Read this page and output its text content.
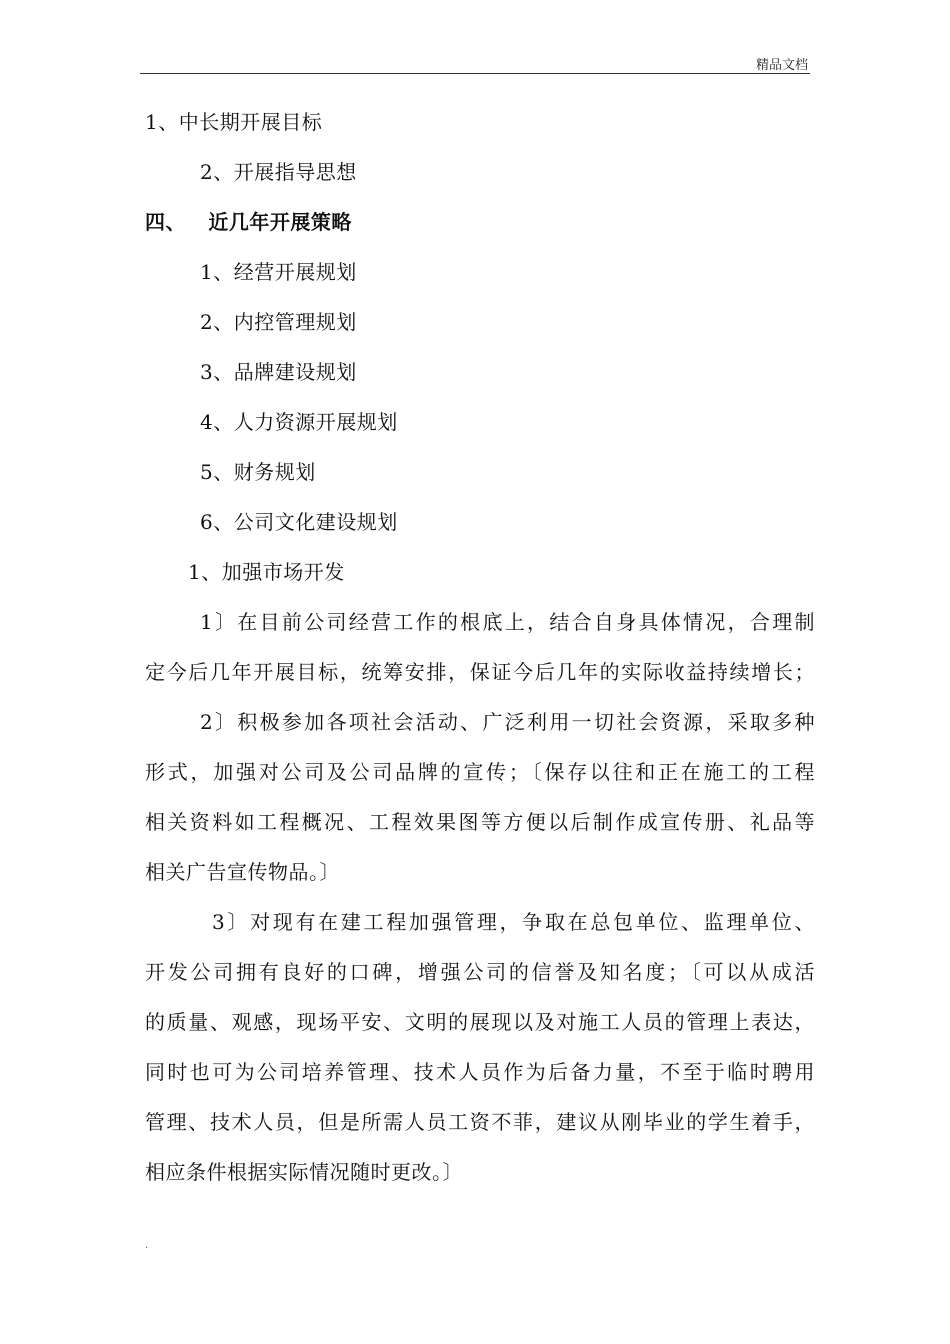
精品文档
1、中长期开展目标
2、开展指导思想
四、   近几年开展策略
1、经营开展规划
2、内控管理规划
3、品牌建设规划
4、人力资源开展规划
5、财务规划
6、公司文化建设规划
1、加强市场开发
1〕在目前公司经营工作的根底上，结合自身具体情况，合理制
定今后几年开展目标，统筹安排，保证今后几年的实际收益持续增长；
2〕积极参加各项社会活动、广泛利用一切社会资源，采取多种
形式，加强对公司及公司品牌的宣传；〔保存以往和正在施工的工程
相关资料如工程概况、工程效果图等方便以后制作成宣传册、礼品等
相关广告宣传物品。〕
3〕对现有在建工程加强管理，争取在总包单位、监理单位、
开发公司拥有良好的口碑，增强公司的信誉及知名度；〔可以从成活
的质量、观感，现场平安、文明的展现以及对施工人员的管理上表达，
同时也可为公司培养管理、技术人员作为后备力量，不至于临时聘用
管理、技术人员，但是所需人员工资不菲，建议从刚毕业的学生着手，
相应条件根据实际情况随时更改。〕
.
